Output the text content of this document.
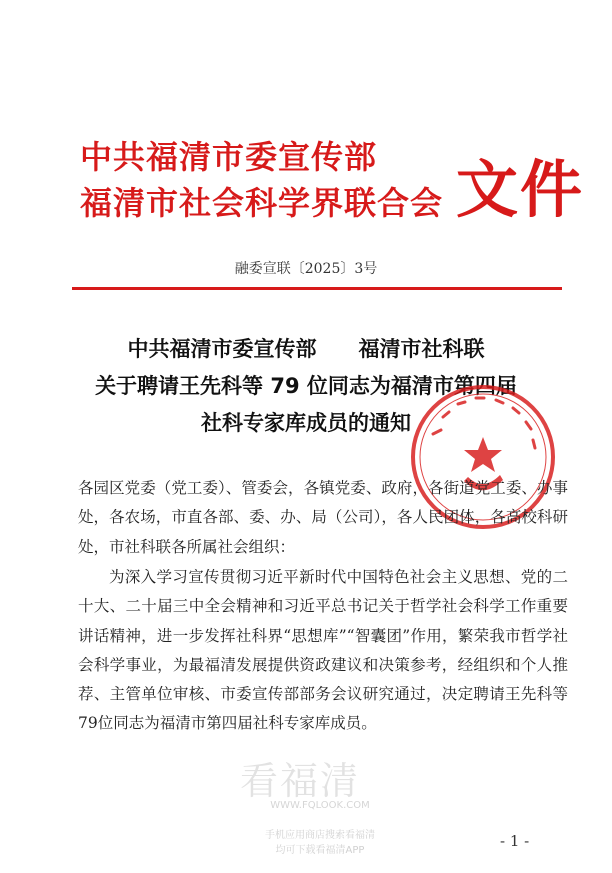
中共福清市委宣传部
福清市社会科学界联合会 文件
融委宣联〔2025〕3号
中共福清市委宣传部　　福清市社科联
关于聘请王先科等 79 位同志为福清市第四届
社科专家库成员的通知
各园区党委（党工委）、管委会，各镇党委、政府，各街道党工委、办事处，各农场，市直各部、委、办、局（公司），各人民团体，各高校科研处，市社科联各所属社会组织：
为深入学习宣传贯彻习近平新时代中国特色社会主义思想、党的二十大、二十届三中全会精神和习近平总书记关于哲学社会科学工作重要讲话精神，进一步发挥社科界“思想库”“智囊团”作用，繁荣我市哲学社会科学事业，为最福清发展提供资政建议和决策参考，经组织和个人推荐、主管单位审核、市委宣传部部务会议研究通过，决定聘请王先科等79位同志为福清市第四届社科专家库成员。
看福清
WWW.FQLOOK.COM
手机应用商店搜索看福清
均可下载看福清APP
- 1 -
